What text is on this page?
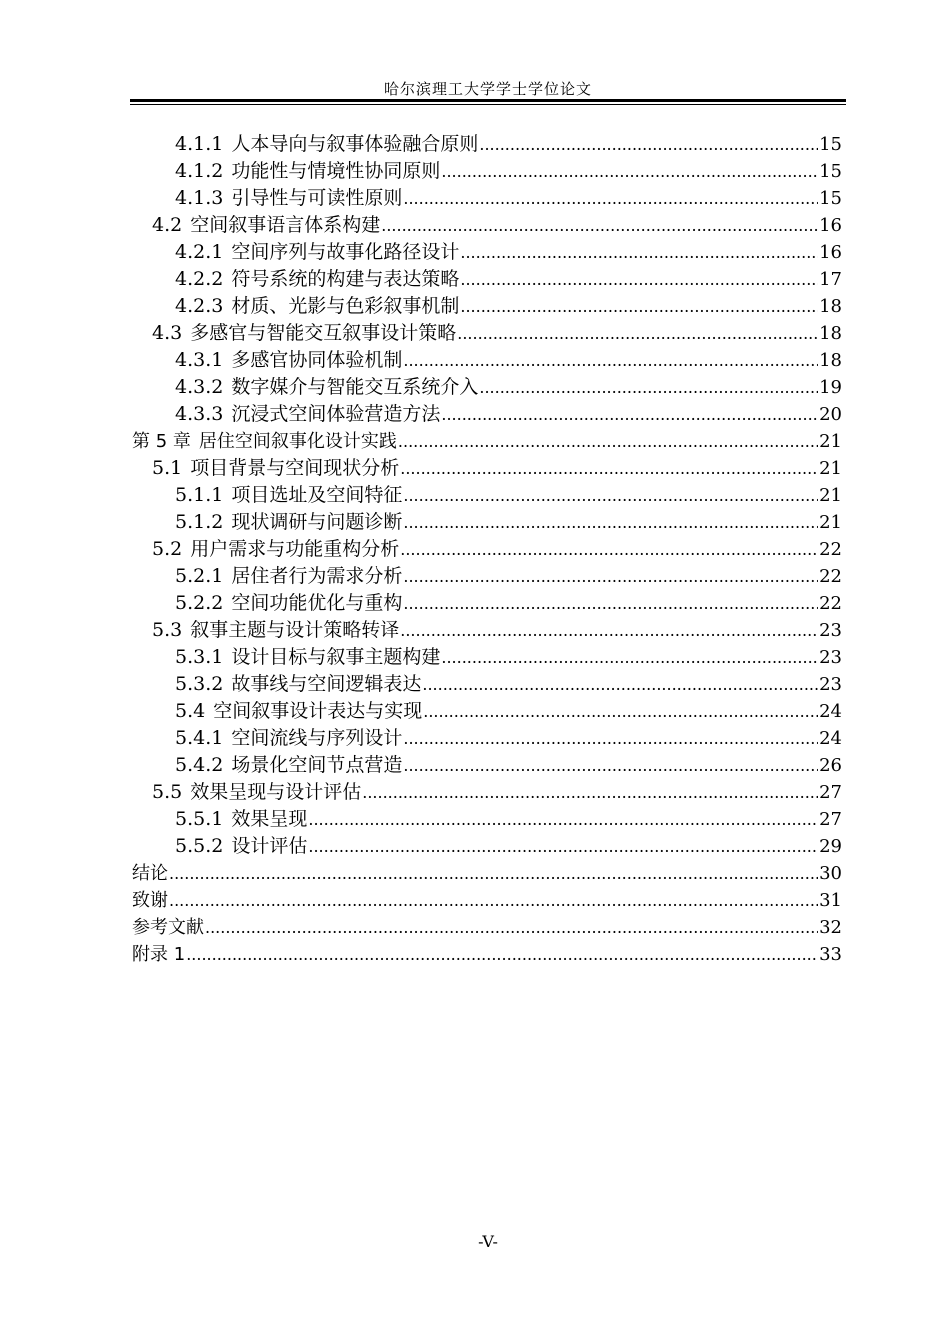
哈尔滨理工大学学士学位论文
4.1.1 人本导向与叙事体验融合原则 .....	15
4.1.2 功能性与情境性协同原则 .....	15
4.1.3 引导性与可读性原则 .....	15
4.2 空间叙事语言体系构建 .....	16
4.2.1 空间序列与故事化路径设计 .....	16
4.2.2 符号系统的构建与表达策略 .....	17
4.2.3 材质、光影与色彩叙事机制 .....	18
4.3 多感官与智能交互叙事设计策略 .....	18
4.3.1 多感官协同体验机制 .....	18
4.3.2 数字媒介与智能交互系统介入 .....	19
4.3.3 沉浸式空间体验营造方法 .....	20
第 5 章 居住空间叙事化设计实践 .....	21
5.1 项目背景与空间现状分析 .....	21
5.1.1 项目选址及空间特征 .....	21
5.1.2 现状调研与问题诊断 .....	21
5.2 用户需求与功能重构分析 .....	22
5.2.1 居住者行为需求分析 .....	22
5.2.2 空间功能优化与重构 .....	22
5.3 叙事主题与设计策略转译 .....	23
5.3.1 设计目标与叙事主题构建 .....	23
5.3.2 故事线与空间逻辑表达 .....	23
5.4 空间叙事设计表达与实现 .....	24
5.4.1 空间流线与序列设计 .....	24
5.4.2 场景化空间节点营造 .....	26
5.5 效果呈现与设计评估 .....	27
5.5.1 效果呈现 .....	27
5.5.2 设计评估 .....	29
结论 .....	30
致谢 .....	31
参考文献 .....	32
附录 1 .....	33
-V-
